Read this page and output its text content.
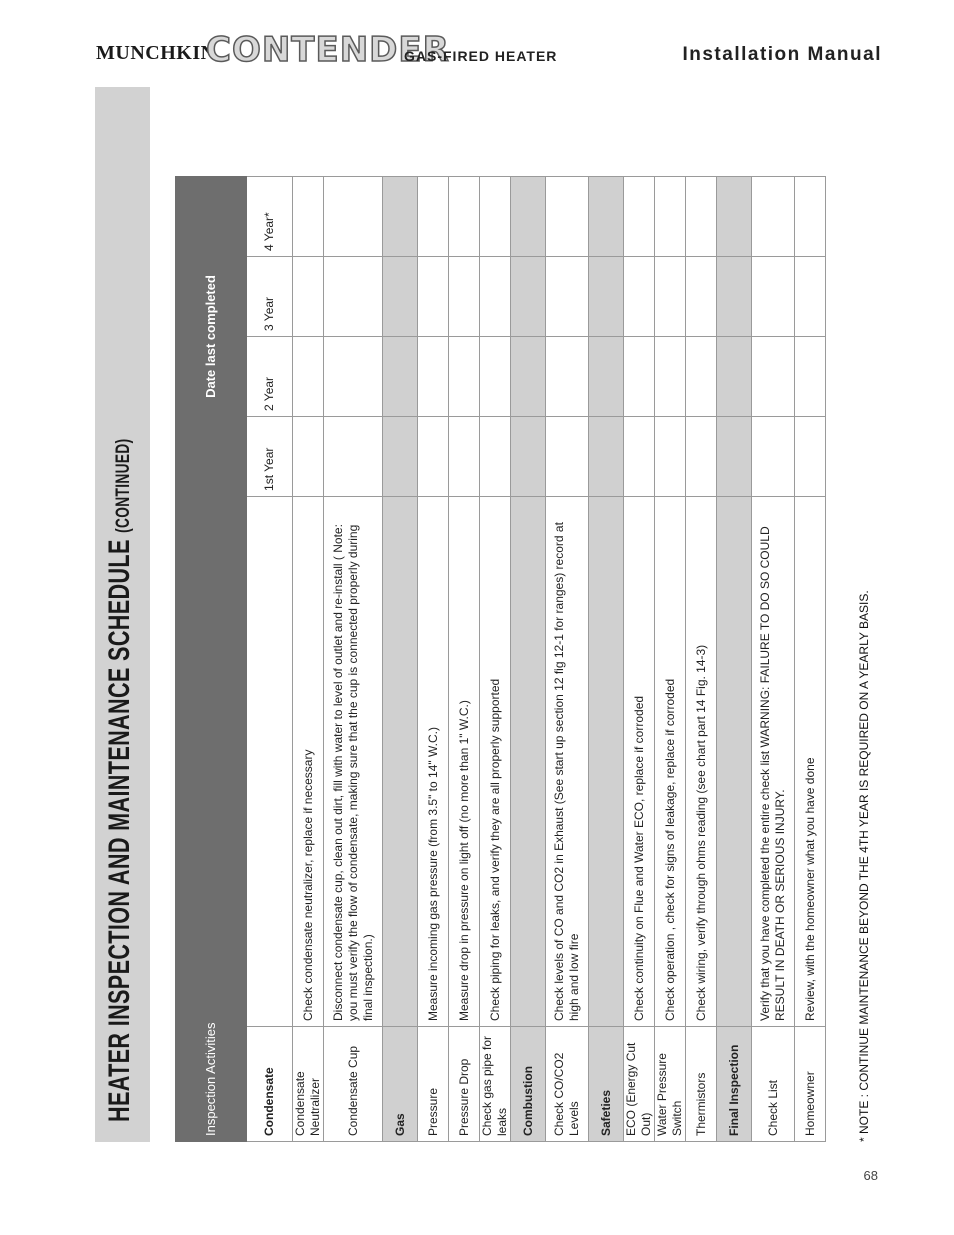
MUNCHKIN
CONTENDER
GAS-FIRED HEATER	Installation Manual
HEATER INSPECTION AND MAINTENANCE SCHEDULE (CONTINUED)
Inspection Activities		Date last completed			
Condensate		1st Year	2 Year	3 Year	4 Year*
Condensate Neutralizer	Check condensate neutralizer, replace if necessary				
Condensate Cup	Disconnect condensate cup, clean out dirt, fill with water to level of outlet and re-install ( Note: you must verify the flow of condensate, making sure that the cup is connected properly during final inspection.)				
Gas					
Pressure	Measure incoming gas pressure (from 3.5" to 14" W.C.)				
Pressure Drop	Measure drop in pressure on light off (no more than 1" W.C.)				
Check gas pipe for leaks	Check piping for leaks, and verify they are all properly supported				
Combustion					
Check CO/CO2 Levels	Check levels of CO and CO2 in Exhaust (See start up section 12 fig 12-1 for ranges) record at high and low fire				
Safeties					
ECO (Energy Cut Out)	Check continuity on Flue and Water ECO, replace if corroded				
Water Pressure Switch	Check operation , check for signs of leakage, replace if corroded				
Thermistors	Check wiring, verify through ohms reading (see chart part 14 Fig. 14-3)				
Final Inspection					
Check List	Verify that you have completed the entire check list WARNING: FAILURE TO DO SO COULD RESULT IN DEATH OR SERIOUS INJURY.				
Homeowner	Review, with the homeowner what you have done					* NOTE : CONTINUE MAINTENANCE BEYOND THE 4TH YEAR IS REQUIRED ON A YEARLY BASIS.
68
